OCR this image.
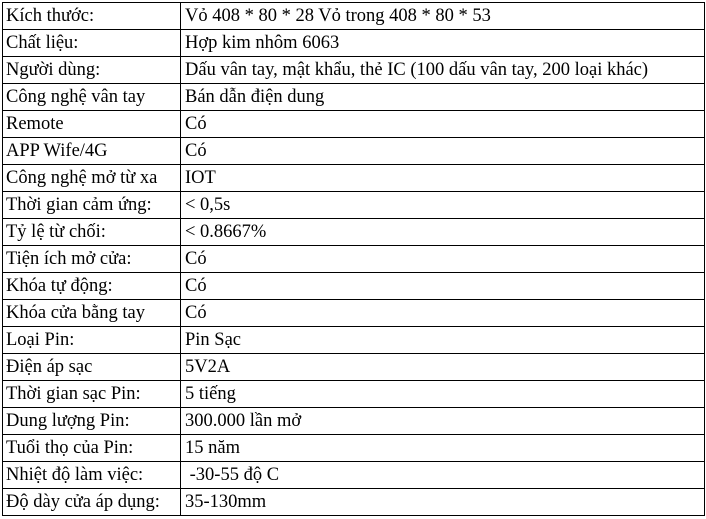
Kích thước:	Vỏ 408 * 80 * 28 Vỏ trong 408 * 80 * 53
Chất liệu:	Hợp kim nhôm 6063
Người dùng:	Dấu vân tay, mật khẩu, thẻ IC (100 dấu vân tay, 200 loại khác)
Công nghệ vân tay	Bán dẫn điện dung
Remote	Có
APP Wife/4G	Có
Công nghệ mở từ xa	IOT
Thời gian cảm ứng:	< 0,5s
Tỷ lệ từ chối:	< 0.8667%
Tiện ích mở cửa:	Có
Khóa tự động:	Có
Khóa cửa bằng tay	Có
Loại Pin:	Pin Sạc
Điện áp sạc	5V2A
Thời gian sạc Pin:	5 tiếng
Dung lượng Pin:	300.000 lần mở
Tuổi thọ của Pin:	15 năm
Nhiệt độ làm việc:	-30-55 độ C
Độ dày cửa áp dụng:	35-130mm
